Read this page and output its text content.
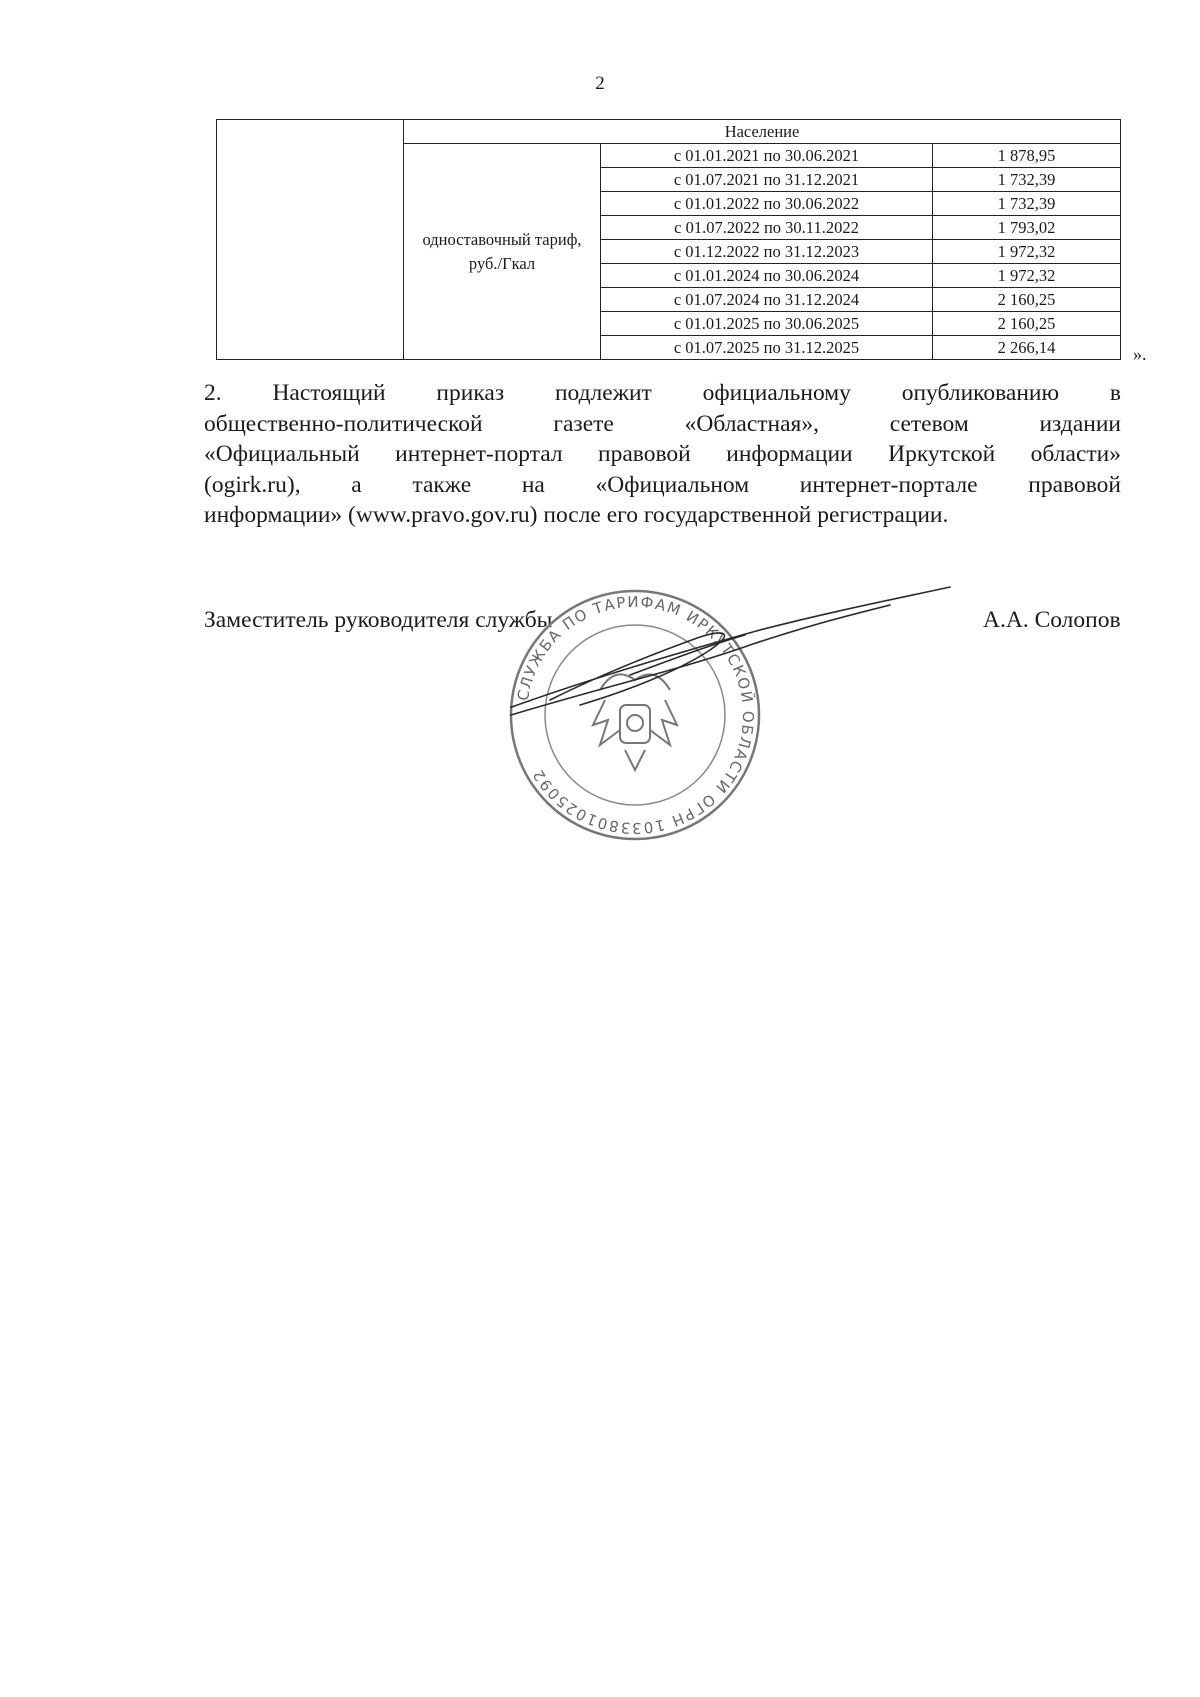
2
	Население		
	одноставочный тариф, руб./Гкал	с 01.01.2021 по 30.06.2021	1 878,95
		с 01.07.2021 по 31.12.2021	1 732,39
		с 01.01.2022 по 30.06.2022	1 732,39
		с 01.07.2022 по 30.11.2022	1 793,02
		с 01.12.2022 по 31.12.2023	1 972,32
		с 01.01.2024 по 30.06.2024	1 972,32
		с 01.07.2024 по 31.12.2024	2 160,25
		с 01.01.2025 по 30.06.2025	2 160,25
		с 01.07.2025 по 31.12.2025	2 266,14	».
2. Настоящий приказ подлежит официальному опубликованию в
общественно-политической газете «Областная», сетевом издании
«Официальный интернет-портал правовой информации Иркутской области»
(ogirk.ru), а также на «Официальном интернет-портале правовой
информации» (www.pravo.gov.ru) после его государственной регистрации.
Заместитель руководителя службы	А.А. Солопов
СЛУЖБА ПО ТАРИФАМ ИРКУТСКОЙ ОБЛАСТИ ОГРН 1033801025092
